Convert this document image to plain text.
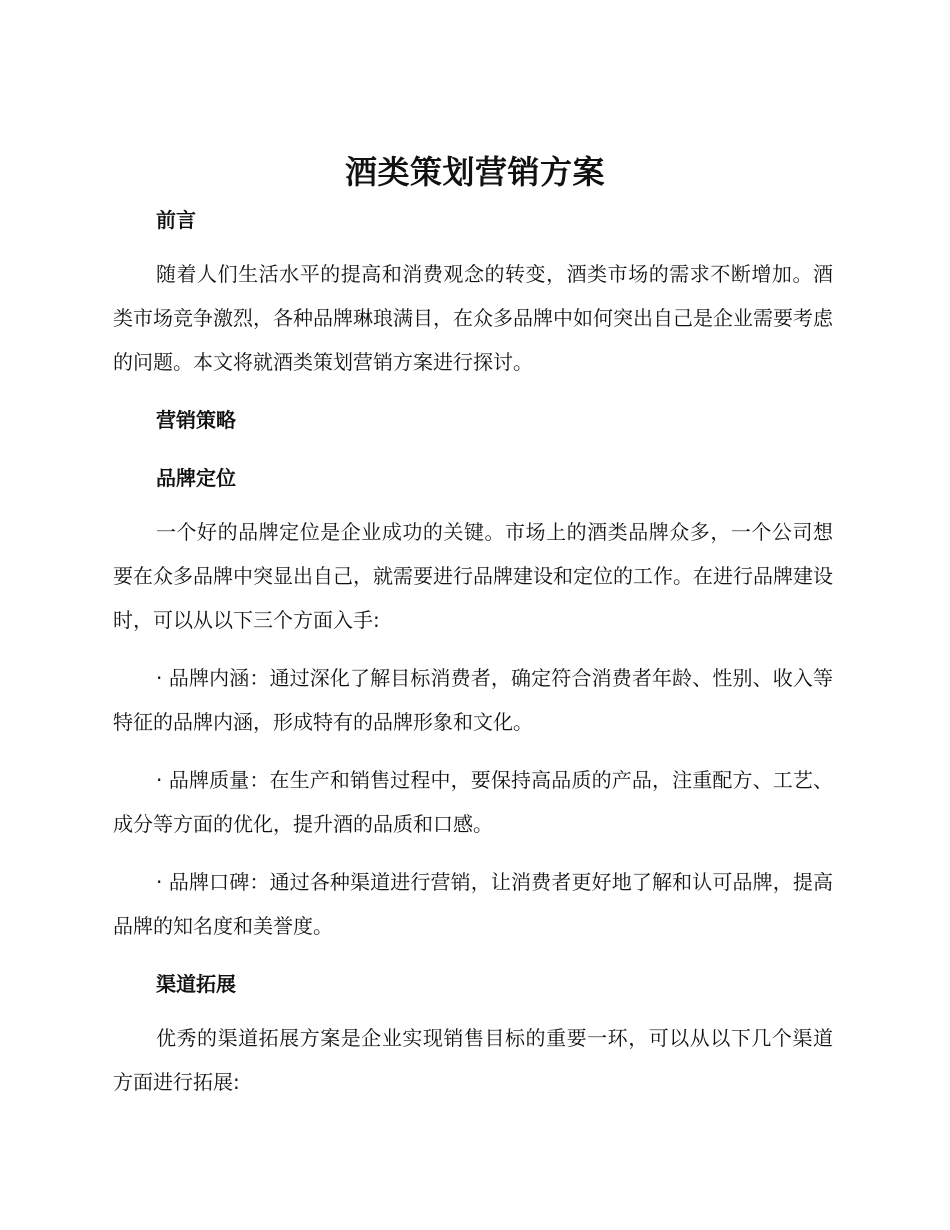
酒类策划营销方案

前言

随着人们生活水平的提高和消费观念的转变，酒类市场的需求不断增加。酒类市场竞争激烈，各种品牌琳琅满目，在众多品牌中如何突出自己是企业需要考虑的问题。本文将就酒类策划营销方案进行探讨。

营销策略

品牌定位

一个好的品牌定位是企业成功的关键。市场上的酒类品牌众多，一个公司想要在众多品牌中突显出自己，就需要进行品牌建设和定位的工作。在进行品牌建设时，可以从以下三个方面入手:

· 品牌内涵：通过深化了解目标消费者，确定符合消费者年龄、性别、收入等特征的品牌内涵，形成特有的品牌形象和文化。

· 品牌质量：在生产和销售过程中，要保持高品质的产品，注重配方、工艺、成分等方面的优化，提升酒的品质和口感。

· 品牌口碑：通过各种渠道进行营销，让消费者更好地了解和认可品牌，提高品牌的知名度和美誉度。

渠道拓展

优秀的渠道拓展方案是企业实现销售目标的重要一环，可以从以下几个渠道方面进行拓展:
